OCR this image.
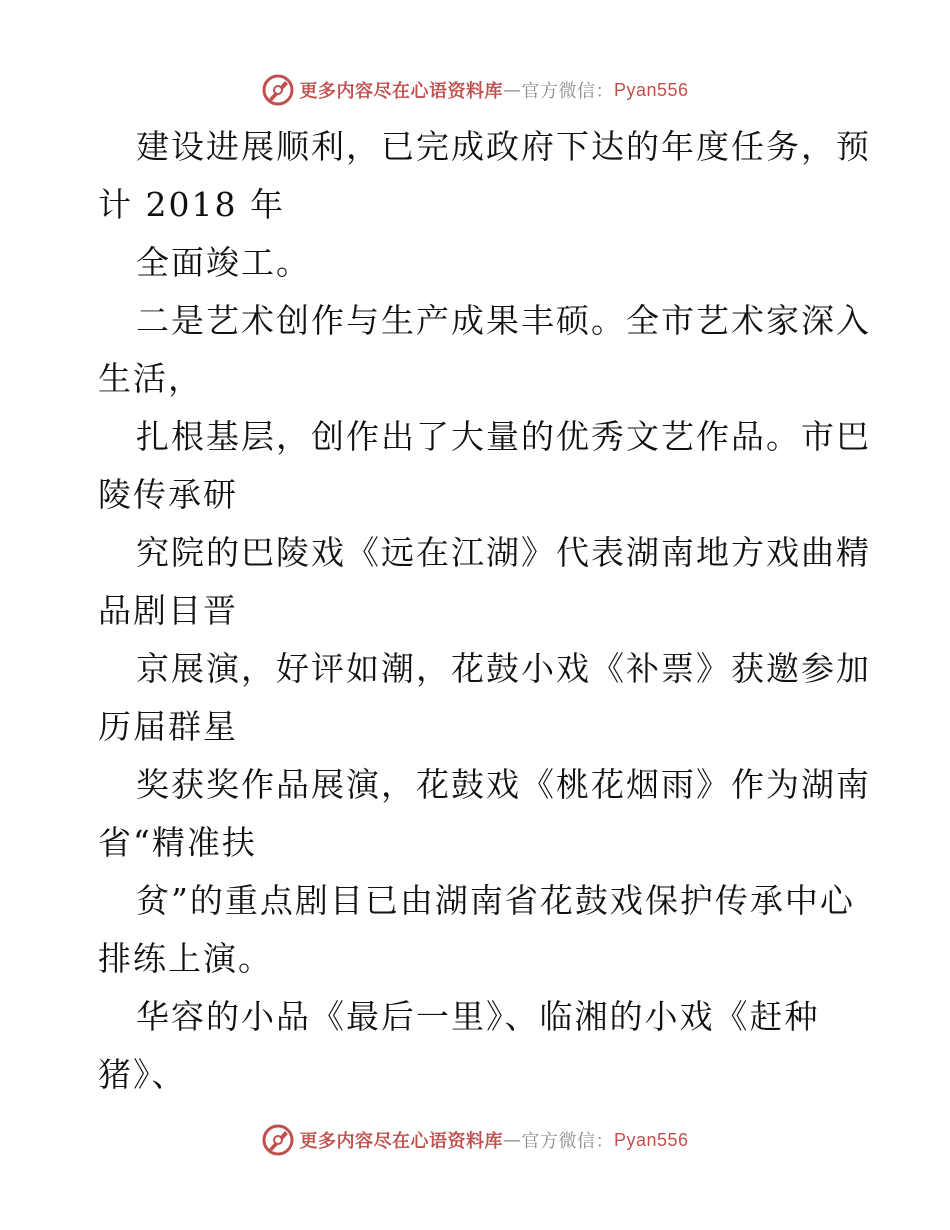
更多内容尽在心语资料库 — 官方微信： Pyan556
建设进展顺利，已完成政府下达的年度任务，预
计 2018 年
全面竣工。
二是艺术创作与生产成果丰硕。全市艺术家深入
生活，
扎根基层，创作出了大量的优秀文艺作品。市巴
陵传承研
究院的巴陵戏《远在江湖》代表湖南地方戏曲精
品剧目晋
京展演，好评如潮，花鼓小戏《补票》获邀参加
历届群星
奖获奖作品展演，花鼓戏《桃花烟雨》作为湖南
省“精准扶
贫”的重点剧目已由湖南省花鼓戏保护传承中心
排练上演。
华容的小品《最后一里》、临湘的小戏《赶种
猪》、
更多内容尽在心语资料库 — 官方微信： Pyan556
